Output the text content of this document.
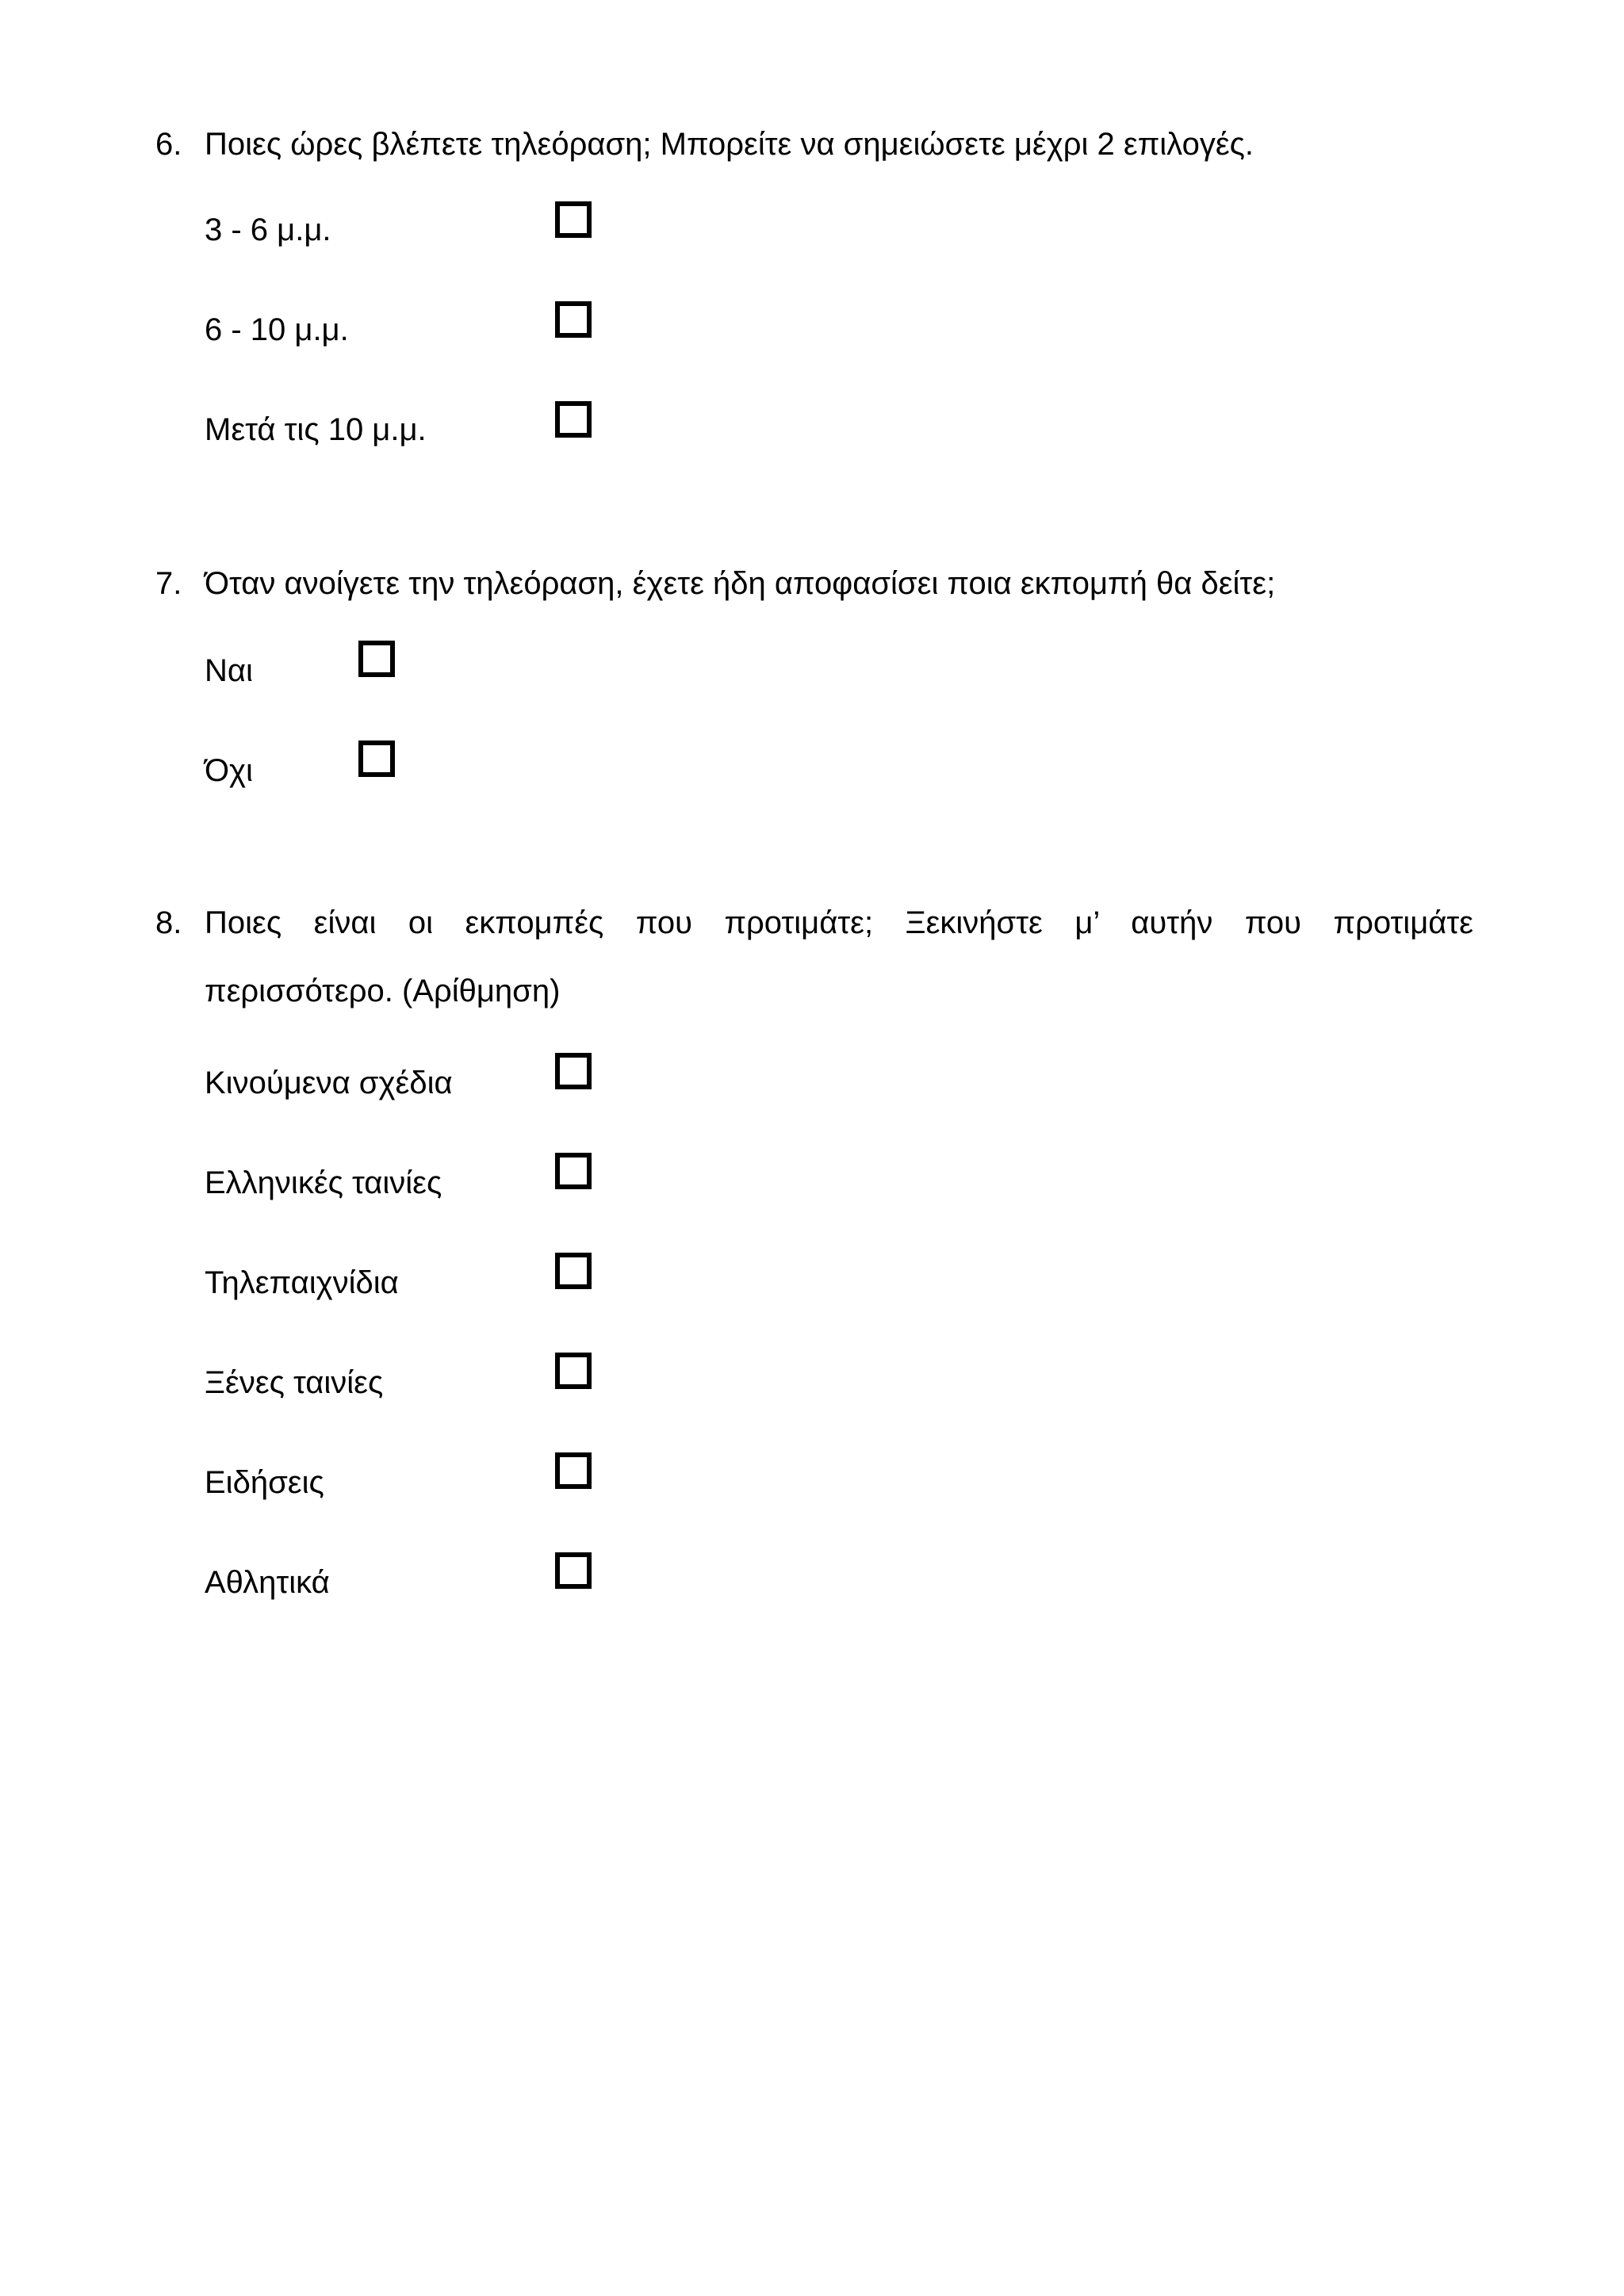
6. Ποιες ώρες βλέπετε τηλεόραση; Μπορείτε να σημειώσετε μέχρι 2 επιλογές.
3 - 6 μ.μ.
6 - 10 μ.μ.
Μετά τις 10 μ.μ.
7. Όταν ανοίγετε την τηλεόραση, έχετε ήδη αποφασίσει ποια εκπομπή θα δείτε;
Ναι
Όχι
8. Ποιες είναι οι εκπομπές που προτιμάτε; Ξεκινήστε μ’ αυτήν που προτιμάτε
περισσότερο. (Αρίθμηση)
Κινούμενα σχέδια
Ελληνικές ταινίες
Τηλεπαιχνίδια
Ξένες ταινίες
Ειδήσεις
Αθλητικά
